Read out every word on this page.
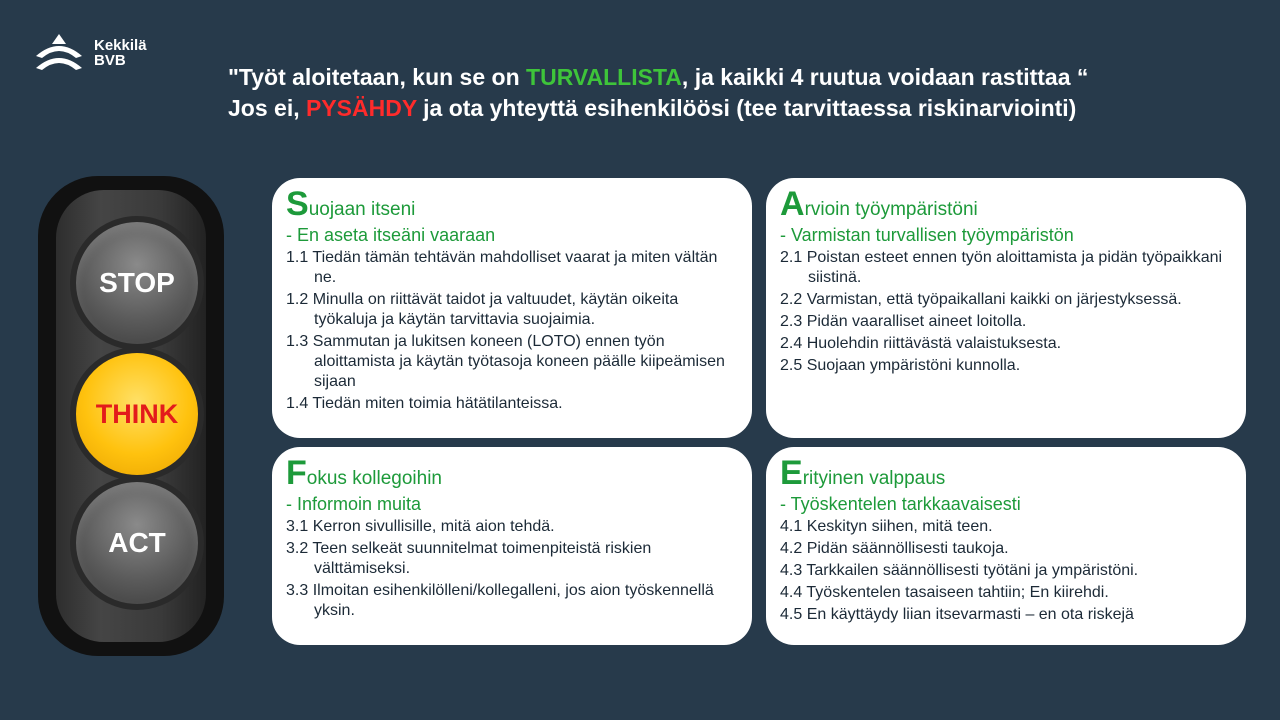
Kekkilä
BVB
"Työt aloitetaan, kun se on TURVALLISTA, ja kaikki 4 ruutua voidaan rastittaa “
Jos ei, PYSÄHDY ja ota yhteyttä esihenkilöösi (tee tarvittaessa riskinarviointi)
STOP
THINK
ACT
Suojaan itseni
- En aseta itseäni vaaraan
1.1 Tiedän tämän tehtävän mahdolliset vaarat ja miten vältän ne.
1.2 Minulla on riittävät taidot ja valtuudet, käytän oikeita työkaluja ja käytän tarvittavia suojaimia.
1.3 Sammutan ja lukitsen koneen (LOTO) ennen työn aloittamista ja käytän työtasoja koneen päälle kiipeämisen sijaan
1.4 Tiedän miten toimia hätätilanteissa.
Arvioin työympäristöni
- Varmistan turvallisen työympäristön
2.1 Poistan esteet ennen työn aloittamista ja pidän työpaikkani siistinä.
2.2 Varmistan, että työpaikallani kaikki on järjestyksessä.
2.3 Pidän vaaralliset aineet loitolla.
2.4 Huolehdin riittävästä valaistuksesta.
2.5 Suojaan ympäristöni kunnolla.
Fokus kollegoihin
- Informoin muita
3.1 Kerron sivullisille, mitä aion tehdä.
3.2 Teen selkeät suunnitelmat toimenpiteistä riskien välttämiseksi.
3.3 Ilmoitan esihenkilölleni/kollegalleni, jos aion työskennellä yksin.
Erityinen valppaus
- Työskentelen tarkkaavaisesti
4.1 Keskityn siihen, mitä teen.
4.2 Pidän säännöllisesti taukoja.
4.3 Tarkkailen säännöllisesti työtäni ja ympäristöni.
4.4 Työskentelen tasaiseen tahtiin; En kiirehdi.
4.5 En käyttäydy liian itsevarmasti – en ota riskejä
